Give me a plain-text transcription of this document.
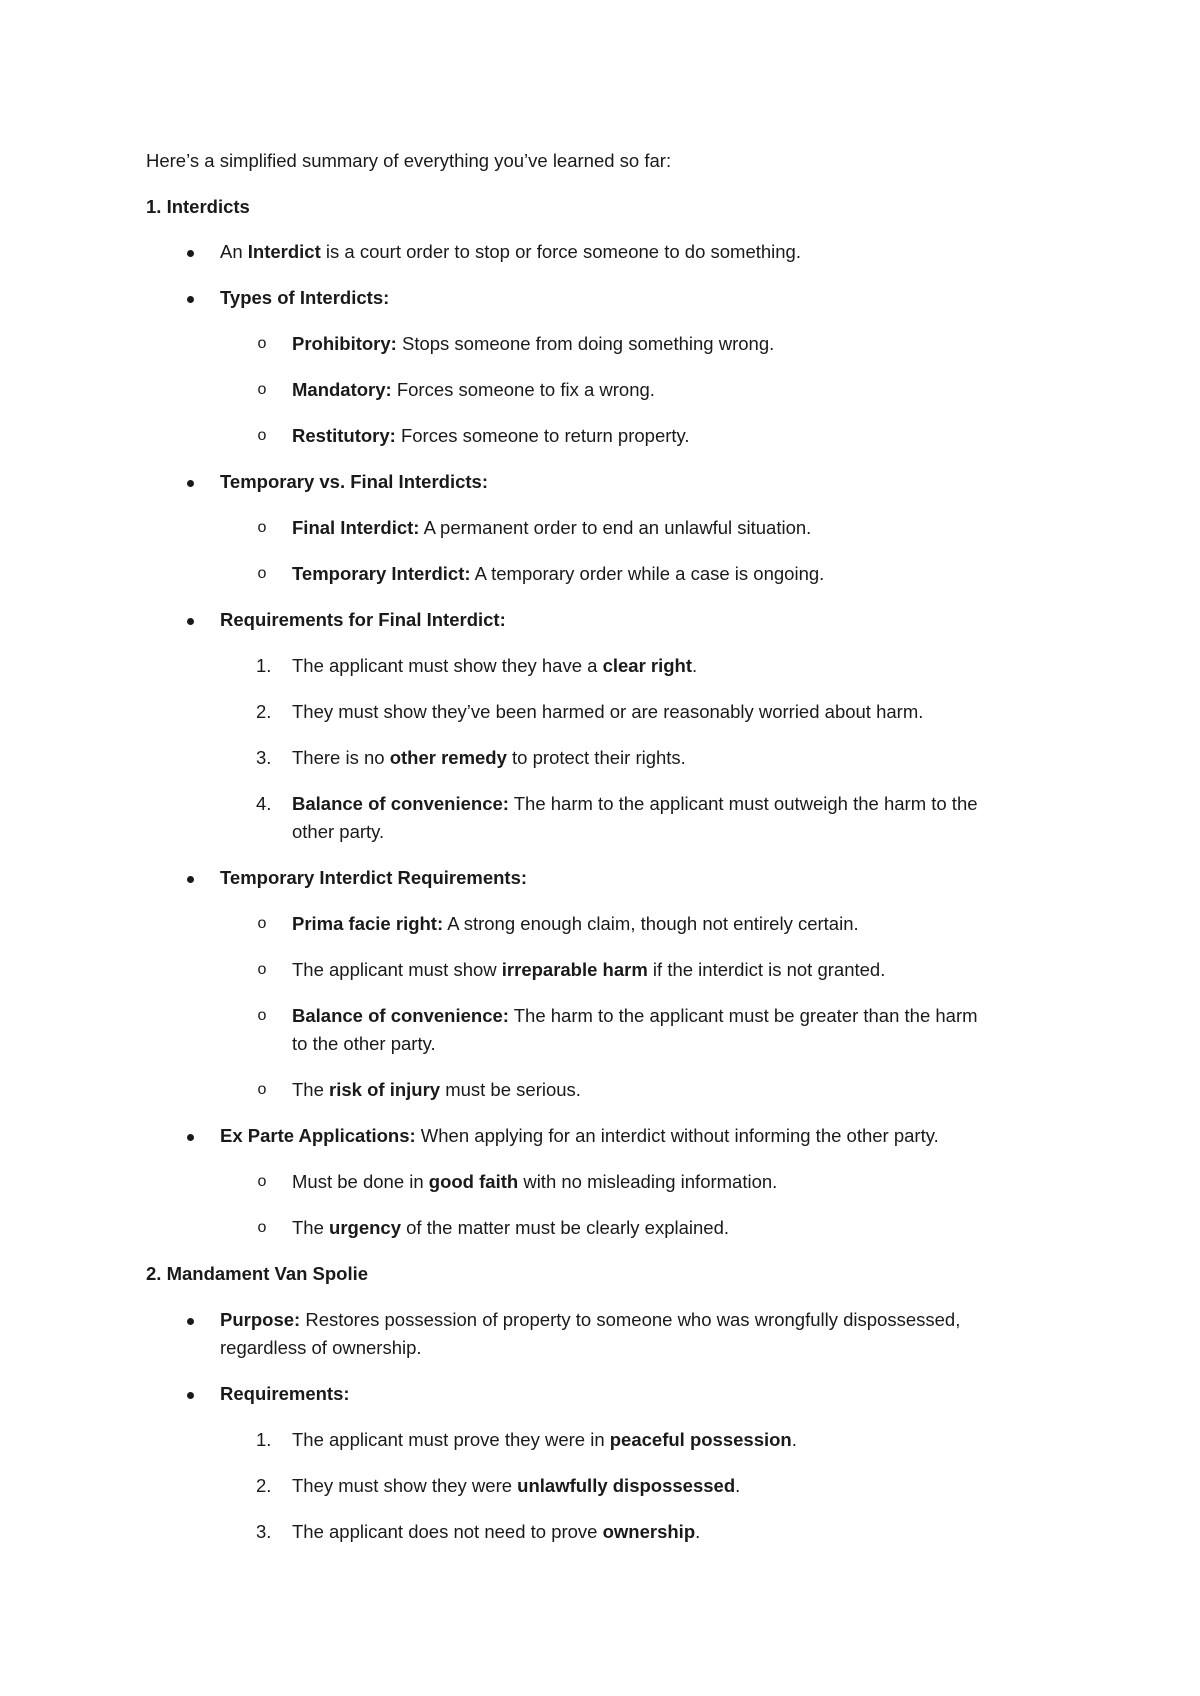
Here’s a simplified summary of everything you’ve learned so far:
1. Interdicts
An Interdict is a court order to stop or force someone to do something.
Types of Interdicts:
o Prohibitory: Stops someone from doing something wrong.
o Mandatory: Forces someone to fix a wrong.
o Restitutory: Forces someone to return property.
Temporary vs. Final Interdicts:
o Final Interdict: A permanent order to end an unlawful situation.
o Temporary Interdict: A temporary order while a case is ongoing.
Requirements for Final Interdict:
1.	The applicant must show they have a clear right.
2.	They must show they’ve been harmed or are reasonably worried about harm.
3.	There is no other remedy to protect their rights.
4.	Balance of convenience: The harm to the applicant must outweigh the harm to the
other party.
Temporary Interdict Requirements:
o Prima facie right: A strong enough claim, though not entirely certain.
o The applicant must show irreparable harm if the interdict is not granted.
o Balance of convenience: The harm to the applicant must be greater than the harm
to the other party.
o The risk of injury must be serious.
Ex Parte Applications: When applying for an interdict without informing the other party.
o Must be done in good faith with no misleading information.
o The urgency of the matter must be clearly explained.
2. Mandament Van Spolie
Purpose: Restores possession of property to someone who was wrongfully dispossessed,
regardless of ownership.
Requirements:
1.	The applicant must prove they were in peaceful possession.
2.	They must show they were unlawfully dispossessed.
3.	The applicant does not need to prove ownership.
